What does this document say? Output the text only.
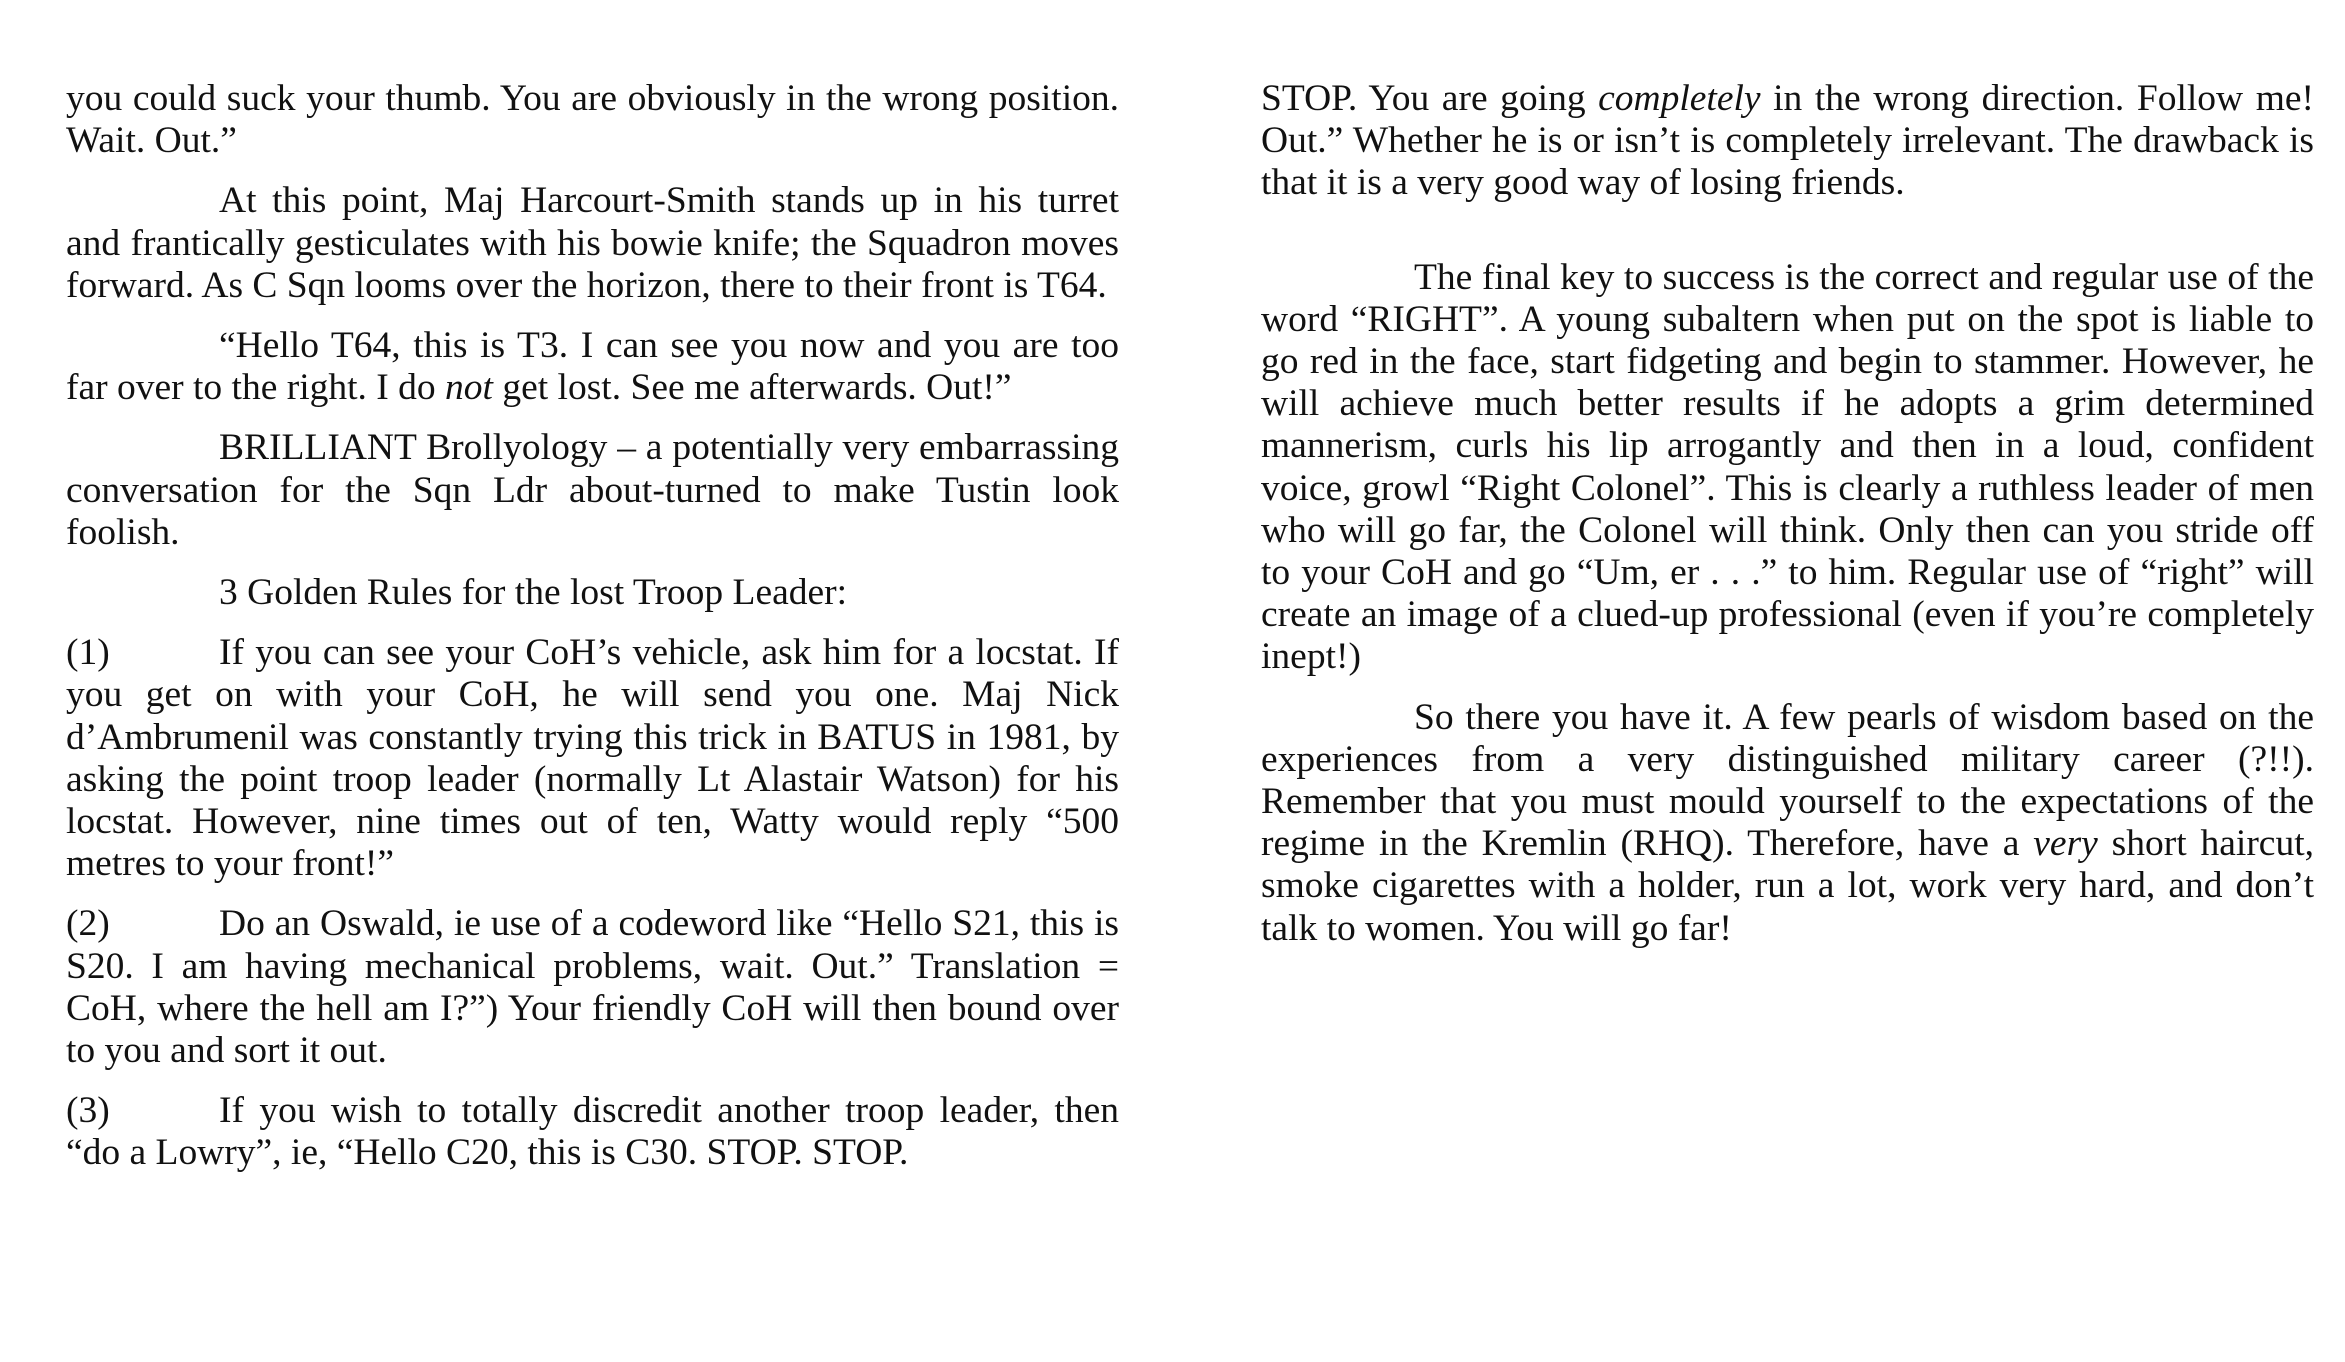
you could suck your thumb. You are obviously in the wrong position. Wait. Out.”

At this point, Maj Harcourt-Smith stands up in his turret and frantically gesticulates with his bowie knife; the Squadron moves forward. As C Sqn looms over the horizon, there to their front is T64.

“Hello T64, this is T3. I can see you now and you are too far over to the right. I do not get lost. See me afterwards. Out!”

BRILLIANT Brollyology – a potentially very embarrassing conversation for the Sqn Ldr about-turned to make Tustin look foolish.

3 Golden Rules for the lost Troop Leader:

(1)	If you can see your CoH’s vehicle, ask him for a locstat. If you get on with your CoH, he will send you one. Maj Nick d’Ambrumenil was constantly trying this trick in BATUS in 1981, by asking the point troop leader (normally Lt Alastair Watson) for his locstat. However, nine times out of ten, Watty would reply “500 metres to your front!”
(2)	Do an Oswald, ie use of a codeword like “Hello S21, this is S20. I am having mechanical problems, wait. Out.” Translation = CoH, where the hell am I?”) Your friendly CoH will then bound over to you and sort it out.
(3)	If you wish to totally discredit another troop leader, then “do a Lowry”, ie, “Hello C20, this is C30. STOP. STOP.

STOP. You are going completely in the wrong direction. Follow me! Out.” Whether he is or isn’t is completely irrelevant. The drawback is that it is a very good way of losing friends.

The final key to success is the correct and regular use of the word “RIGHT”. A young subaltern when put on the spot is liable to go red in the face, start fidgeting and begin to stammer. However, he will achieve much better results if he adopts a grim determined mannerism, curls his lip arrogantly and then in a loud, confident voice, growl “Right Colonel”. This is clearly a ruthless leader of men who will go far, the Colonel will think. Only then can you stride off to your CoH and go “Um, er . . .” to him. Regular use of “right” will create an image of a clued-up professional (even if you’re completely inept!)

So there you have it. A few pearls of wisdom based on the experiences from a very distinguished military career (?!!). Remember that you must mould yourself to the expectations of the regime in the Kremlin (RHQ). Therefore, have a very short haircut, smoke cigarettes with a holder, run a lot, work very hard, and don’t talk to women. You will go far!
